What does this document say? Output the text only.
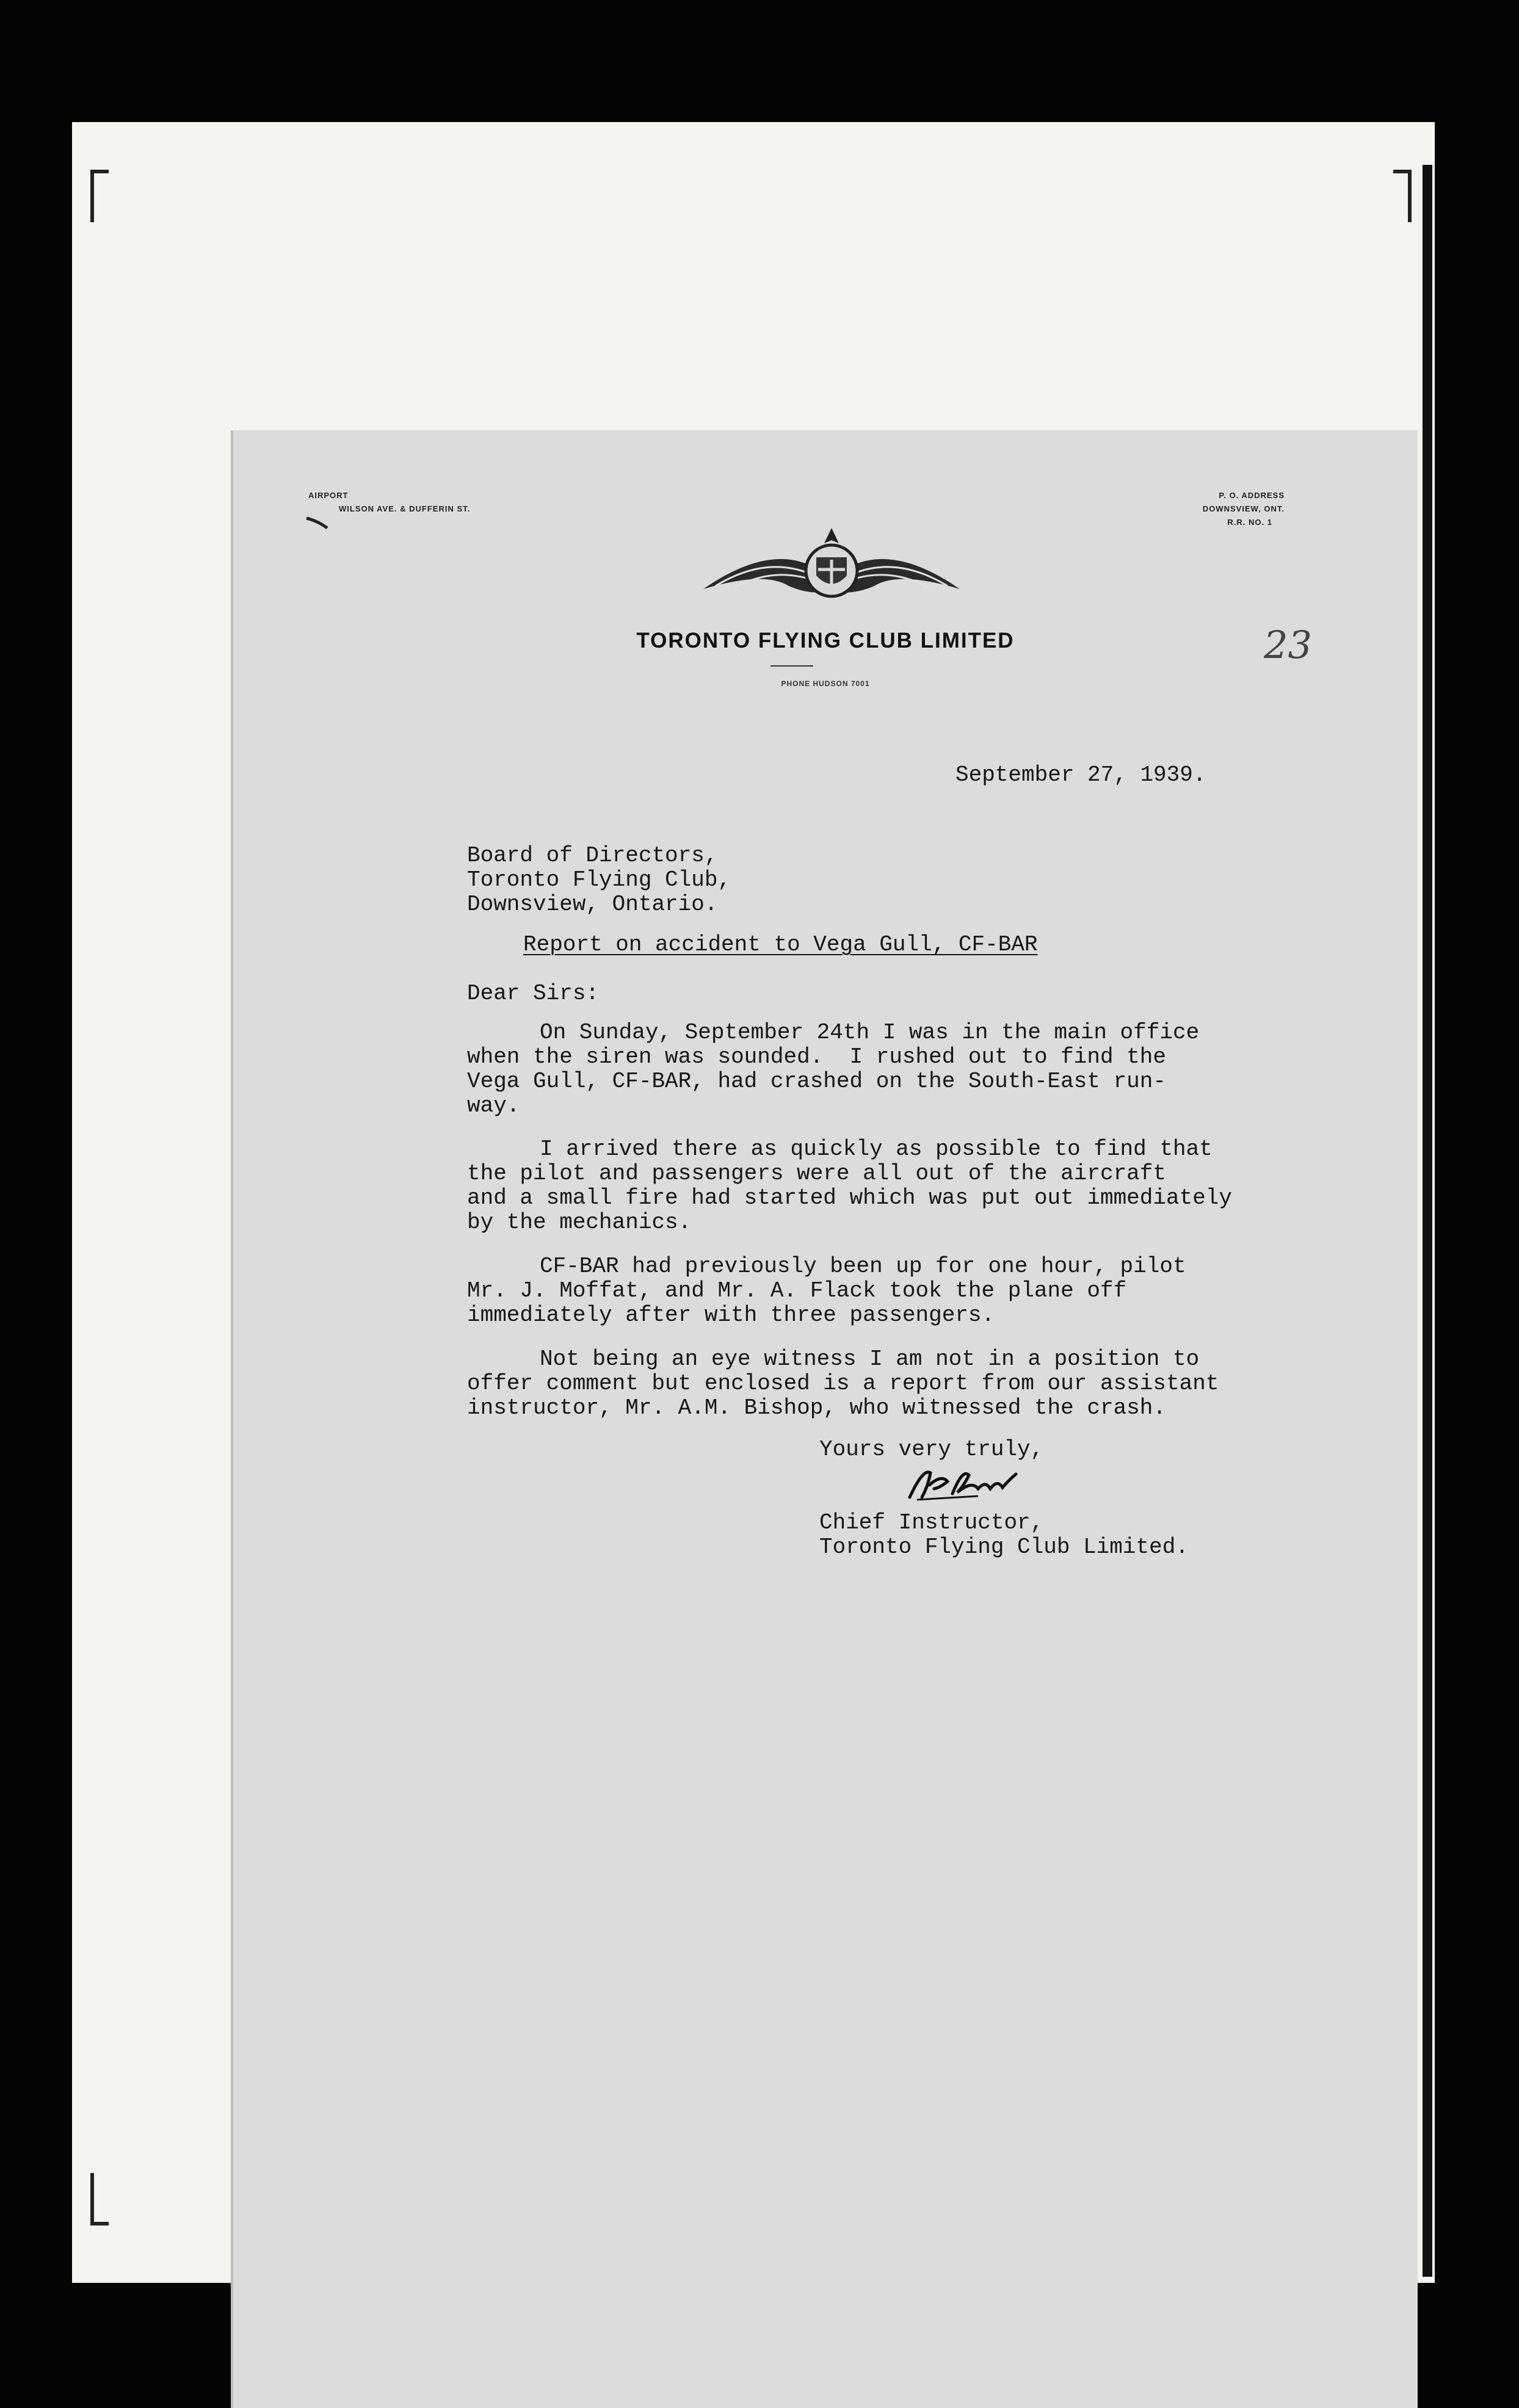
AIRPORT
WILSON AVE. & DUFFERIN ST.
P. O. ADDRESS
DOWNSVIEW, ONT.
R.R. NO. 1
TORONTO FLYING CLUB LIMITED
PHONE HUDSON 7001
September 27, 1939.
Board of Directors,
Toronto Flying Club,
Downsview, Ontario.
Report on accident to Vega Gull, CF-BAR
Dear Sirs:
On Sunday, September 24th I was in the main office
when the siren was sounded.  I rushed out to find the
Vega Gull, CF-BAR, had crashed on the South-East run-
way.
I arrived there as quickly as possible to find that
the pilot and passengers were all out of the aircraft
and a small fire had started which was put out immediately
by the mechanics.
CF-BAR had previously been up for one hour, pilot
Mr. J. Moffat, and Mr. A. Flack took the plane off
immediately after with three passengers.
Not being an eye witness I am not in a position to
offer comment but enclosed is a report from our assistant
instructor, Mr. A.M. Bishop, who witnessed the crash.
Yours very truly,
Chief Instructor,
Toronto Flying Club Limited.
23
